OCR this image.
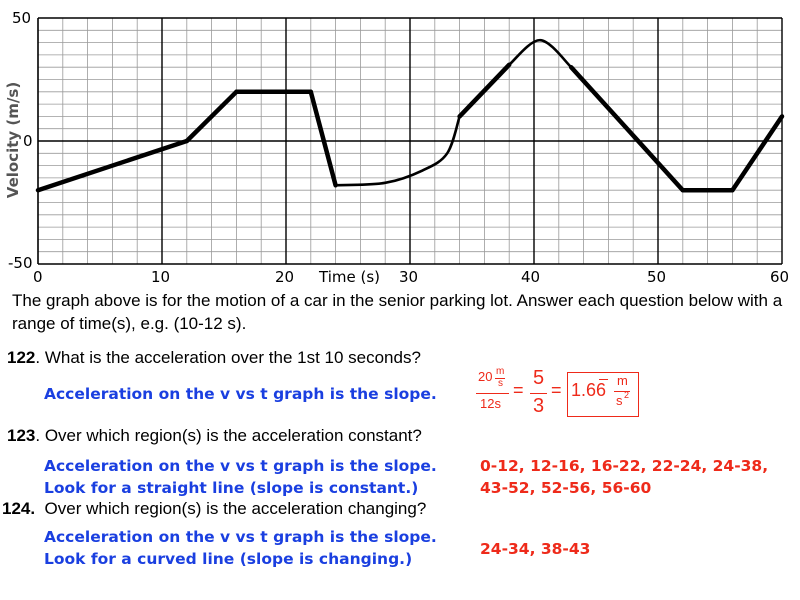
Velocity (m/s)
50
0
-50
0	10	20 Time (s) 30	40	50	60
The graph above is for the motion of a car in the senior parking lot. Answer each question below with a range of time(s), e.g. (10-12 s).
122. What is the acceleration over the 1st 10 seconds?
Acceleration on the v vs t graph is the slope.
20 m
s
12s
=
5
3
= 1.66 m
s 2
123. Over which region(s) is the acceleration constant?
Acceleration on the v vs t graph is the slope.
Look for a straight line (slope is constant.)
0-12, 12-16, 16-22, 22-24, 24-38,
43-52, 52-56, 56-60
124.  Over which region(s) is the acceleration changing?
Acceleration on the v vs t graph is the slope.
Look for a curved line (slope is changing.)
24-34, 38-43
